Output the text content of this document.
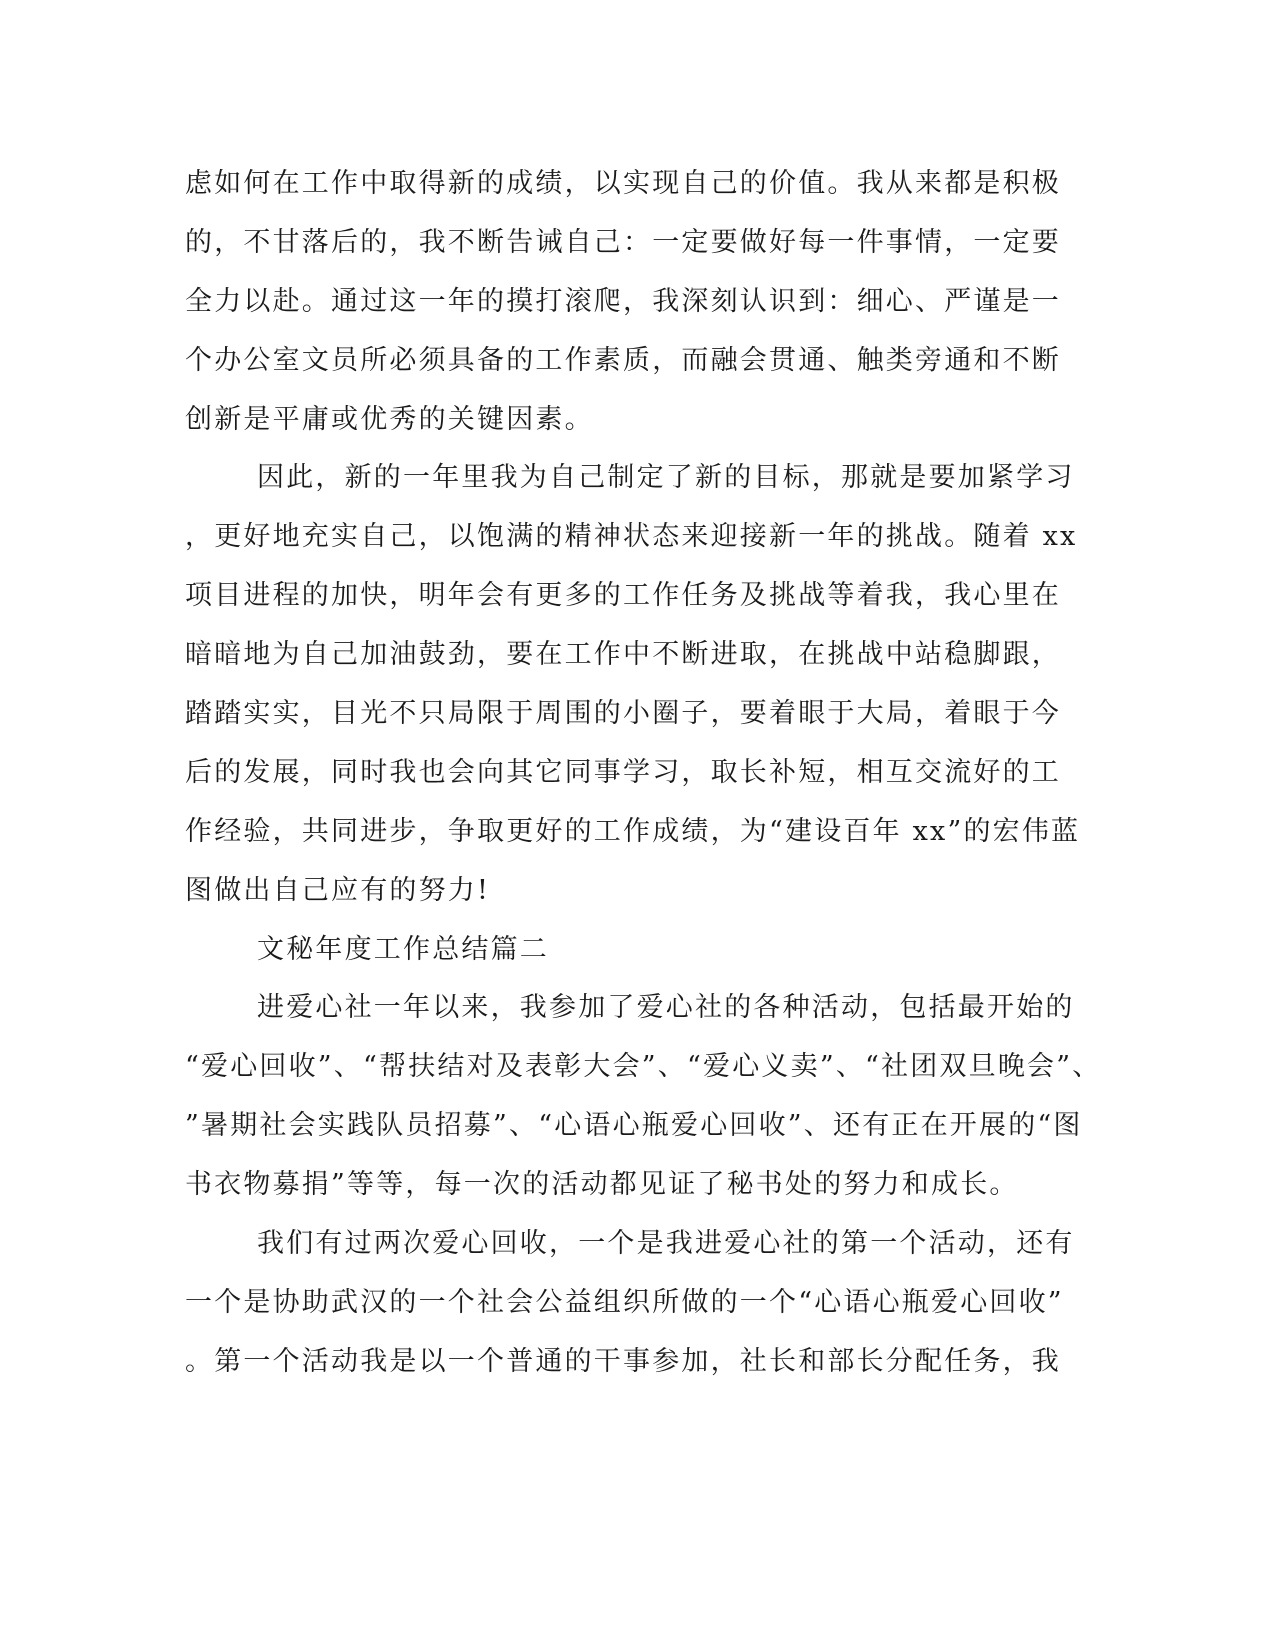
虑如何在工作中取得新的成绩，以实现自己的价值。我从来都是积极
的，不甘落后的，我不断告诫自己：一定要做好每一件事情，一定要
全力以赴。通过这一年的摸打滚爬，我深刻认识到：细心、严谨是一
个办公室文员所必须具备的工作素质，而融会贯通、触类旁通和不断
创新是平庸或优秀的关键因素。
因此，新的一年里我为自己制定了新的目标，那就是要加紧学习
，更好地充实自己，以饱满的精神状态来迎接新一年的挑战。随着 xx
项目进程的加快，明年会有更多的工作任务及挑战等着我，我心里在
暗暗地为自己加油鼓劲，要在工作中不断进取，在挑战中站稳脚跟，
踏踏实实，目光不只局限于周围的小圈子，要着眼于大局，着眼于今
后的发展，同时我也会向其它同事学习，取长补短，相互交流好的工
作经验，共同进步，争取更好的工作成绩，为“建设百年 xx”的宏伟蓝
图做出自己应有的努力!
文秘年度工作总结篇二
进爱心社一年以来，我参加了爱心社的各种活动，包括最开始的
“爱心回收”、“帮扶结对及表彰大会”、“爱心义卖”、“社团双旦晚会”、
”暑期社会实践队员招募”、“心语心瓶爱心回收”、还有正在开展的“图
书衣物募捐”等等，每一次的活动都见证了秘书处的努力和成长。
我们有过两次爱心回收，一个是我进爱心社的第一个活动，还有
一个是协助武汉的一个社会公益组织所做的一个“心语心瓶爱心回收”
。第一个活动我是以一个普通的干事参加，社长和部长分配任务，我
